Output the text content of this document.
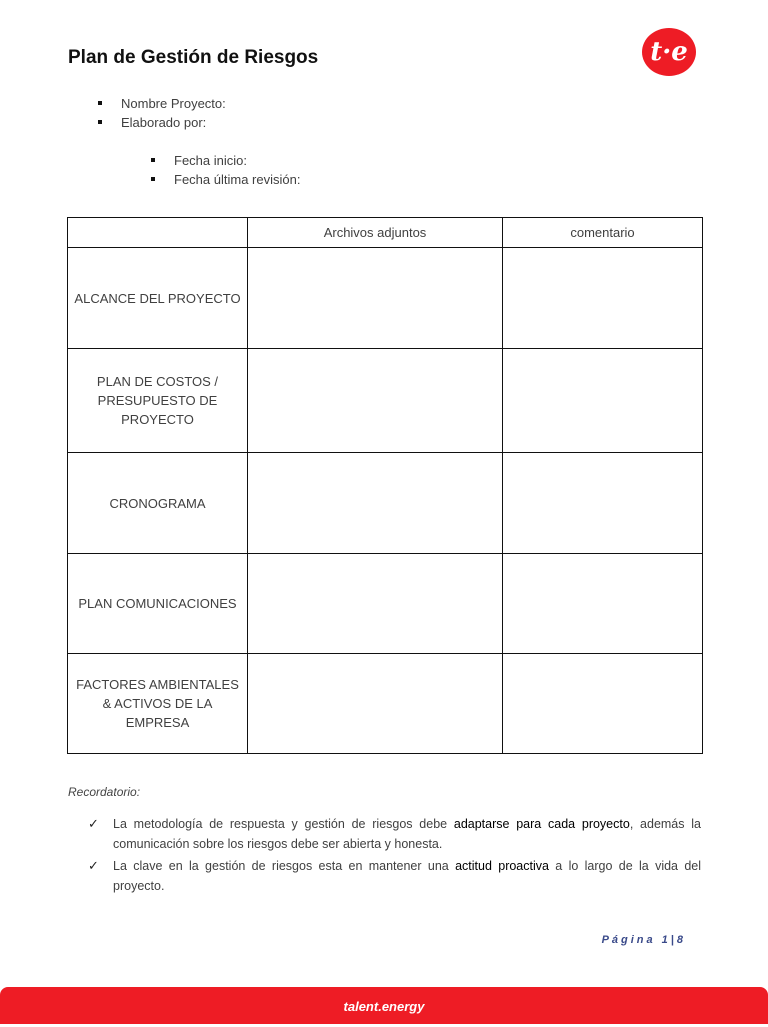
Plan de Gestión de Riesgos	t·e
Nombre Proyecto:
Elaborado por:
Fecha inicio:
Fecha última revisión:
	Archivos adjuntos	comentario
ALCANCE DEL PROYECTO		
PLAN DE COSTOS / PRESUPUESTO DE PROYECTO		
CRONOGRAMA		
PLAN COMUNICACIONES		
FACTORES AMBIENTALES & ACTIVOS DE LA EMPRESA		

Recordatorio:

✓ La metodología de respuesta y gestión de riesgos debe adaptarse para cada proyecto, además la comunicación sobre los riesgos debe ser abierta y honesta.
✓ La clave en la gestión de riesgos esta en mantener una actitud proactiva a lo largo de la vida del proyecto.
Página 1|8
talent.energy
